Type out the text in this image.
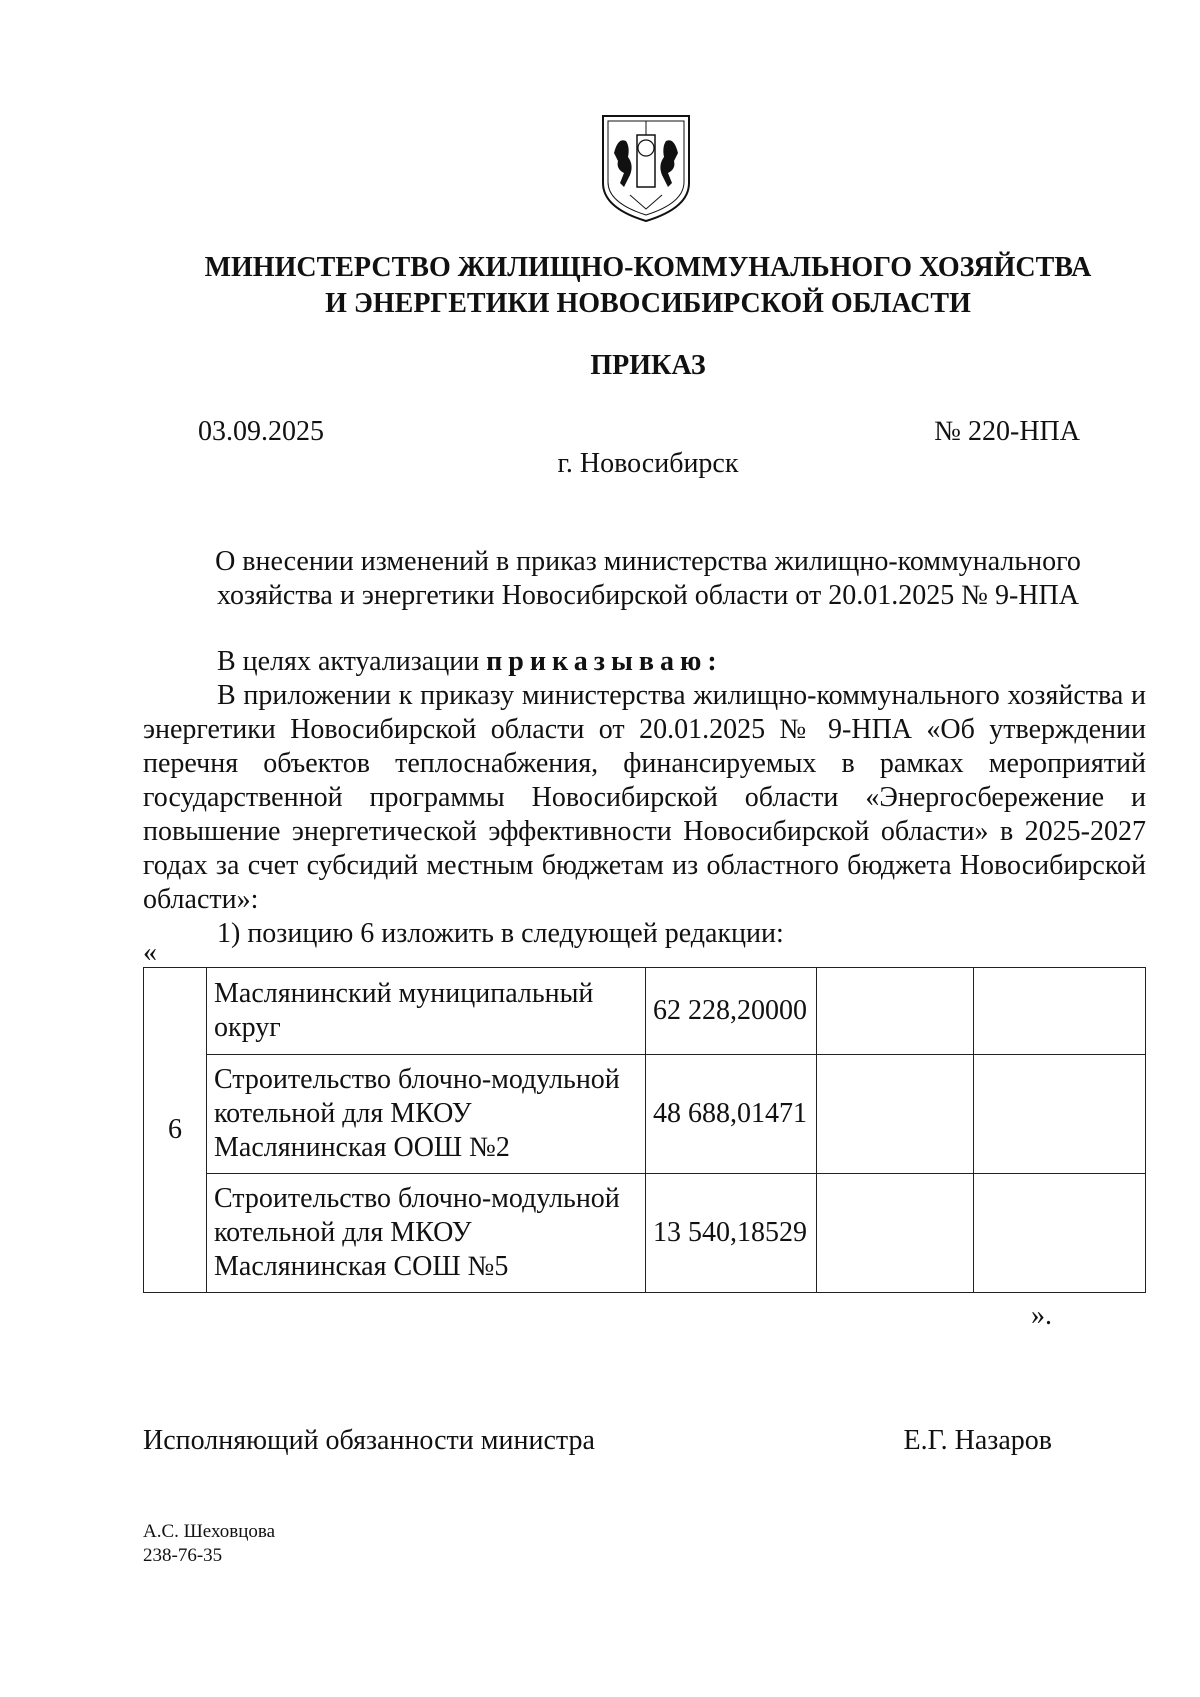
МИНИСТЕРСТВО ЖИЛИЩНО-КОММУНАЛЬНОГО ХОЗЯЙСТВА
И ЭНЕРГЕТИКИ НОВОСИБИРСКОЙ ОБЛАСТИ
ПРИКАЗ
03.09.2025	№ 220-НПА
г. Новосибирск
О внесении изменений в приказ министерства жилищно-коммунального
хозяйства и энергетики Новосибирской области от 20.01.2025 № 9-НПА

В целях актуализации приказываю:

В приложении к приказу министерства жилищно-коммунального хозяйства и энергетики Новосибирской области от 20.01.2025 № 9-НПА «Об утверждении перечня объектов теплоснабжения, финансируемых в рамках мероприятий государственной программы Новосибирской области «Энергосбережение и повышение энергетической эффективности Новосибирской области» в 2025-2027 годах за счет субсидий местным бюджетам из областного бюджета Новосибирской области»:

1) позицию 6 изложить в следующей редакции:

«
6	Маслянинский муниципальный округ	62 228,20000		
	Строительство блочно-модульной котельной для МКОУ Маслянинская ООШ №2	48 688,01471		
	Строительство блочно-модульной котельной для МКОУ Маслянинская СОШ №5	13 540,18529		
».
Исполняющий обязанности министра	Е.Г. Назаров
А.С. Шеховцова
238-76-35
